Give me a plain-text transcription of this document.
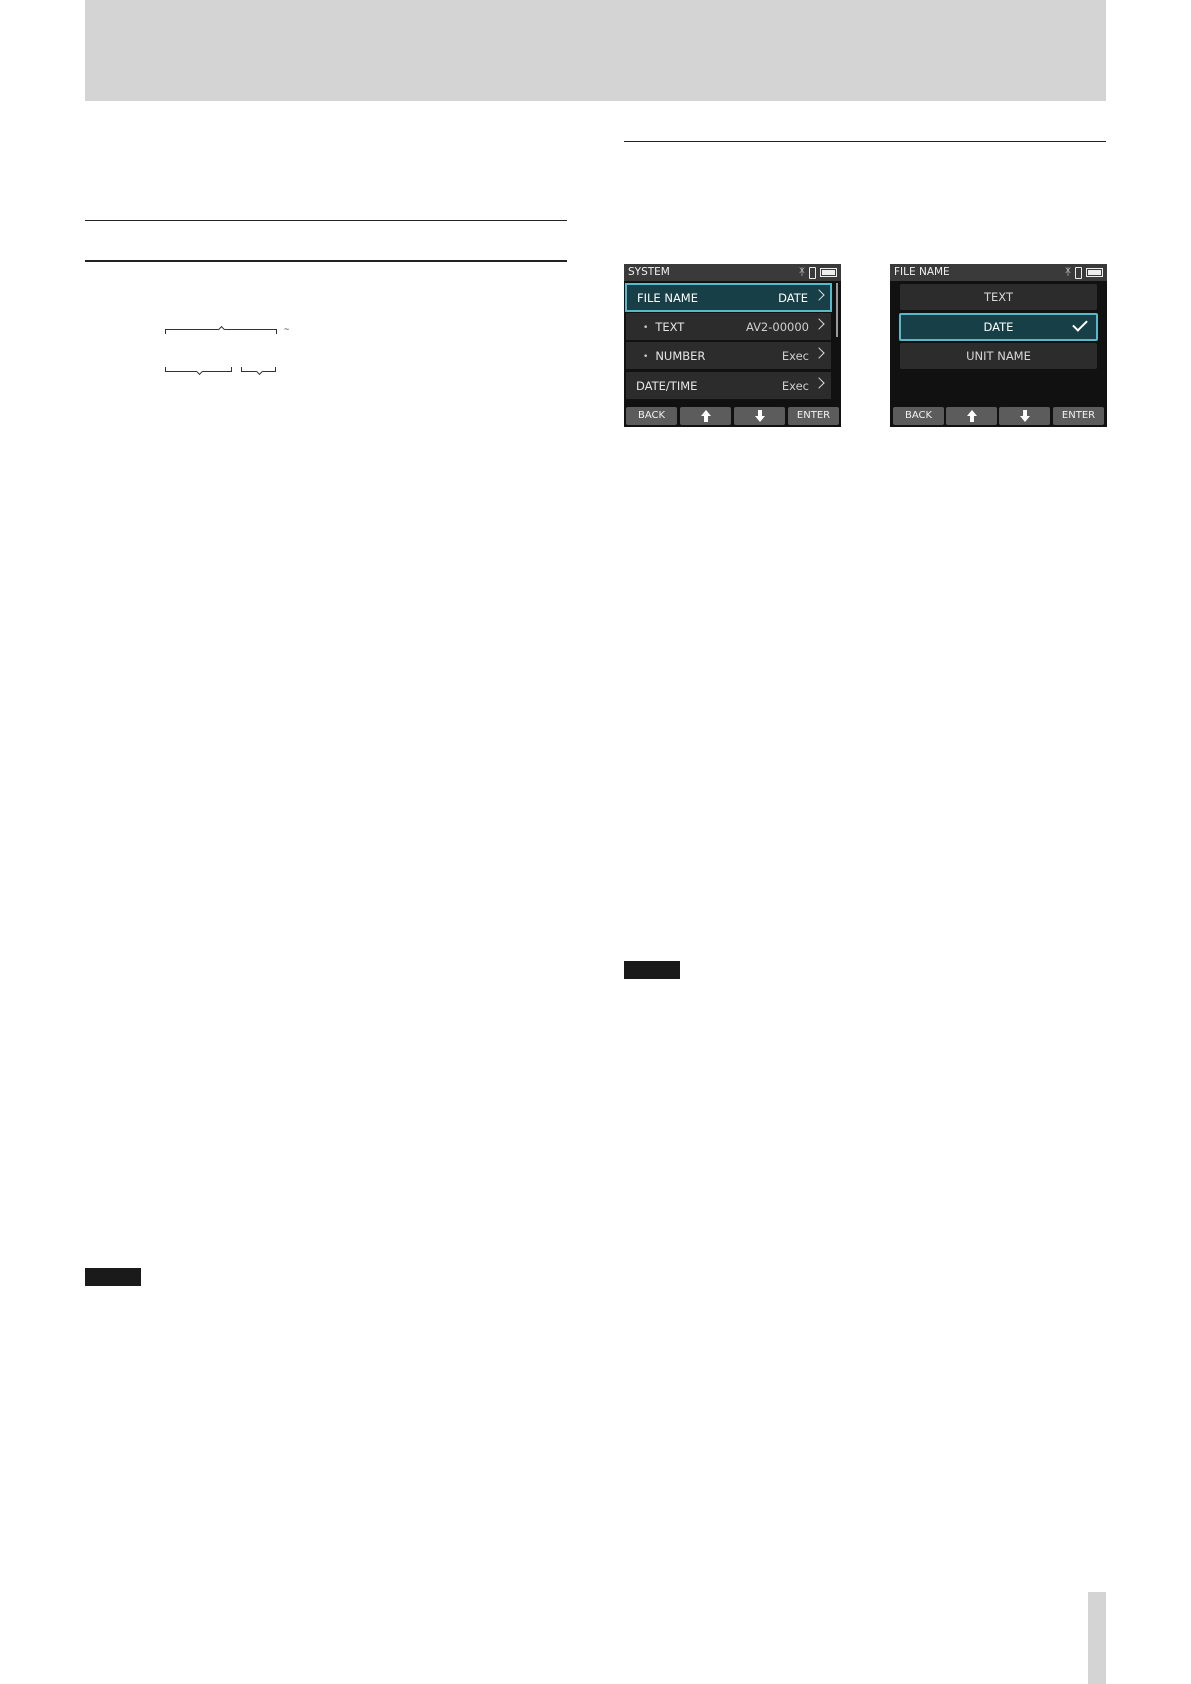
~
SYSTEM	ᛡ
FILE NAME	DATE
• TEXT	AV2-00000
• NUMBER	Exec
DATE/TIME	Exec
BACK	ENTER
FILE NAME	ᛡ
TEXT
DATE
UNIT NAME
BACK	ENTER
